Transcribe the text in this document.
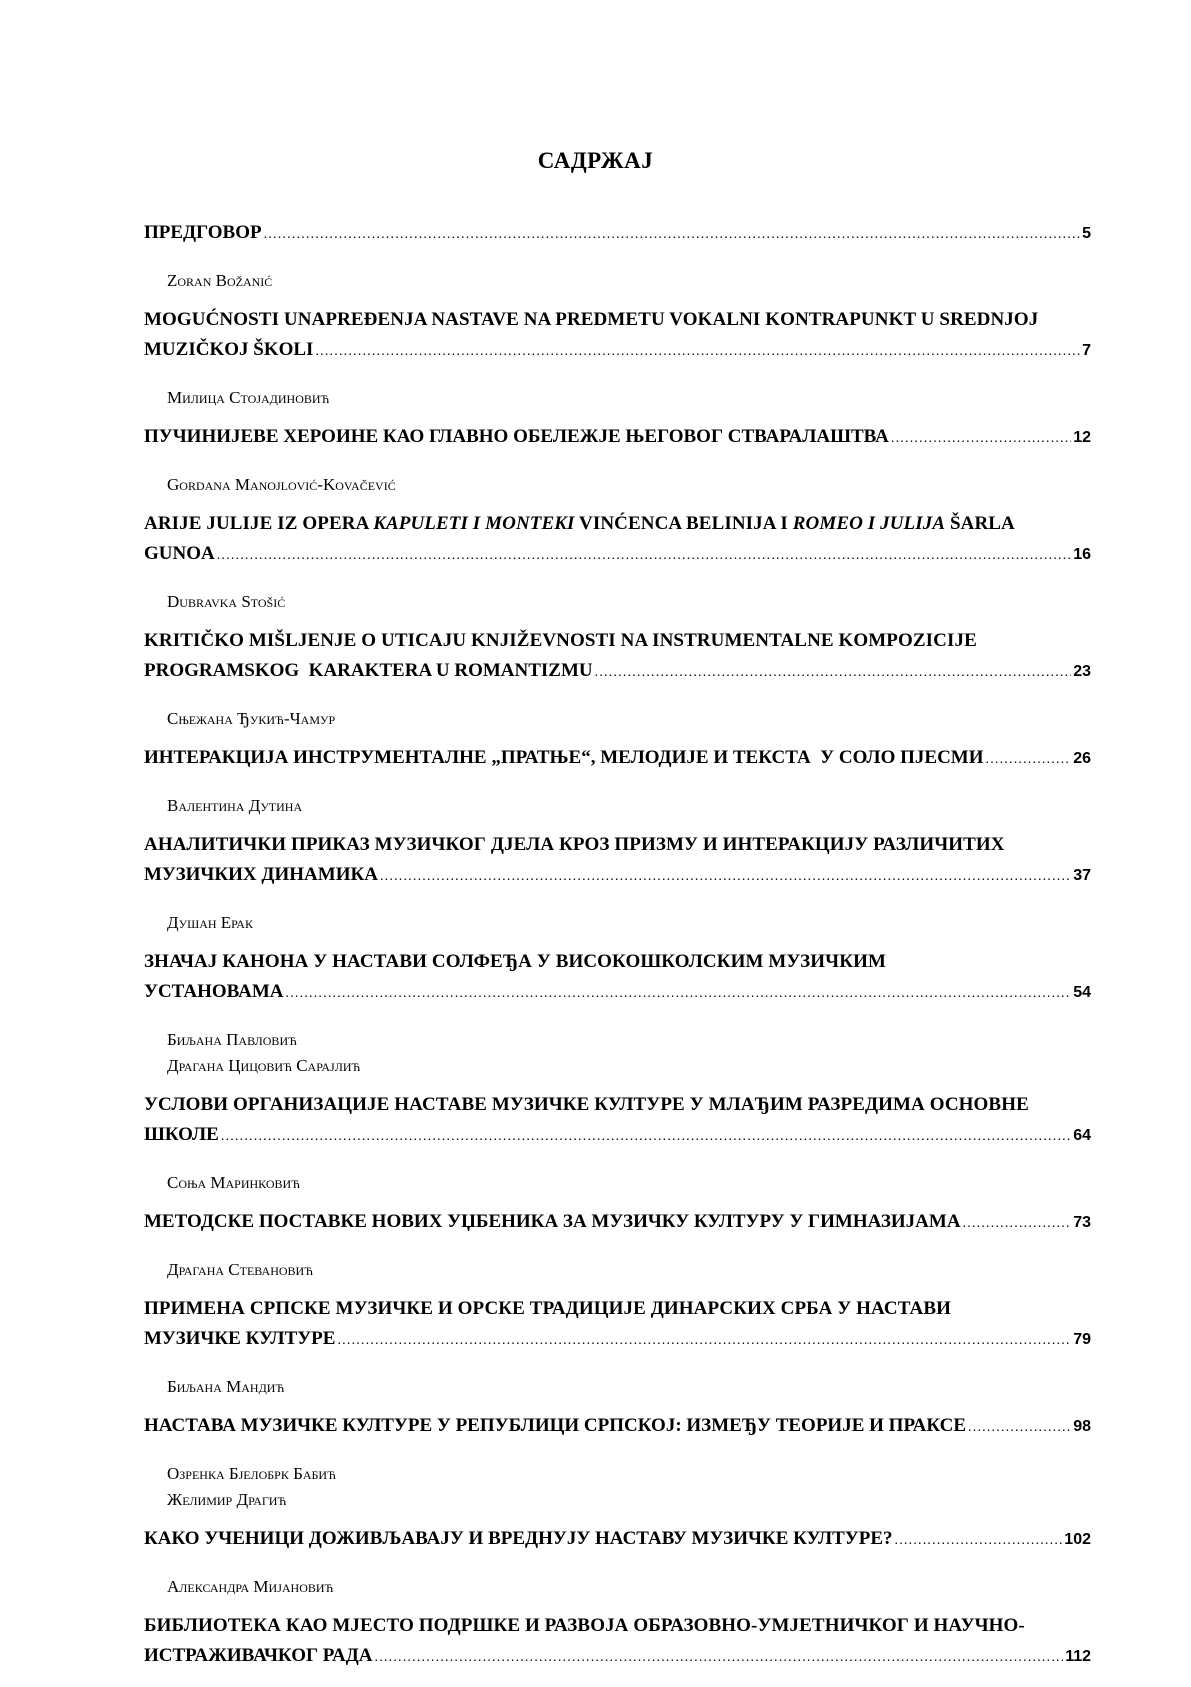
САДРЖАЈ
ПРЕДГОВОР .....	5
Zoran Božanić
MOGUĆNOSTI UNAPREĐENJA NASTAVE NA PREDMETU VOKALNI KONTRAPUNKT U SREDNJOJ
MUZIČKOJ ŠKOLI .....	7
Милица Стојадиновић
ПУЧИНИЈЕВЕ ХЕРОИНЕ КАО ГЛАВНО ОБЕЛЕЖЈЕ ЊЕГОВОГ СТВАРАЛАШТВА .....	12
Gordana Manojlović-Kovačević
ARIJE JULIJE IZ OPERA KAPULETI I MONTEKI VINĆENCA BELINIJA I ROMEO I JULIJA ŠARLA
GUNOA .....	16
Dubravka Stošić
KRITIČKO MIŠLJENJE O UTICAJU KNJIŽEVNOSTI NA INSTRUMENTALNE KOMPOZICIJE
PROGRAMSKOG  KARAKTERA U ROMANTIZMU .....	23
Сњежана Ђукић-Чамур
ИНТЕРАКЦИЈА ИНСТРУМЕНТАЛНЕ „ПРАТЊЕ“, МЕЛОДИЈЕ И ТЕКСТА  У СОЛО ПЈЕСМИ .....	26
Валентина Дутина
АНАЛИТИЧКИ ПРИКАЗ МУЗИЧКОГ ДЈЕЛА КРОЗ ПРИЗМУ И ИНТЕРАКЦИЈУ РАЗЛИЧИТИХ
МУЗИЧКИХ ДИНАМИКА .....	37
Душан Ерак
ЗНАЧАЈ КАНОНА У НАСТАВИ СОЛФЕЂА У ВИСОКОШКОЛСКИМ МУЗИЧКИМ
УСТАНОВАМА .....	54
Биљана Павловић
Драгана Цицовић Сарајлић
УСЛОВИ ОРГАНИЗАЦИЈЕ НАСТАВЕ МУЗИЧКЕ КУЛТУРЕ У МЛАЂИМ РАЗРЕДИМА ОСНОВНЕ
ШКОЛЕ .....	64
Соња Маринковић
МЕТОДСКЕ ПОСТАВКЕ НОВИХ УЏБЕНИКА ЗА МУЗИЧКУ КУЛТУРУ У ГИМНАЗИЈАМА .....	73
Драгана Стевановић
ПРИМЕНА СРПСКЕ МУЗИЧКЕ И ОРСКЕ ТРАДИЦИЈЕ ДИНАРСКИХ СРБА У НАСТАВИ
МУЗИЧКЕ КУЛТУРЕ .....	79
Биљана Мандић
НАСТАВА МУЗИЧКЕ КУЛТУРЕ У РЕПУБЛИЦИ СРПСКОЈ: ИЗМЕЂУ ТЕОРИЈЕ И ПРАКСЕ .....	98
Озренка Бјелобрк Бабић
Желимир Драгић
КАКО УЧЕНИЦИ ДОЖИВЉАВАЈУ И ВРЕДНУЈУ НАСТАВУ МУЗИЧКЕ КУЛТУРЕ? .....	102
Александра Мијановић
БИБЛИОТЕКА КАО МЈЕСТО ПОДРШКЕ И РАЗВОЈА ОБРАЗОВНО-УМЈЕТНИЧКОГ И НАУЧНО-
ИСТРАЖИВАЧКОГ РАДА .....	112
